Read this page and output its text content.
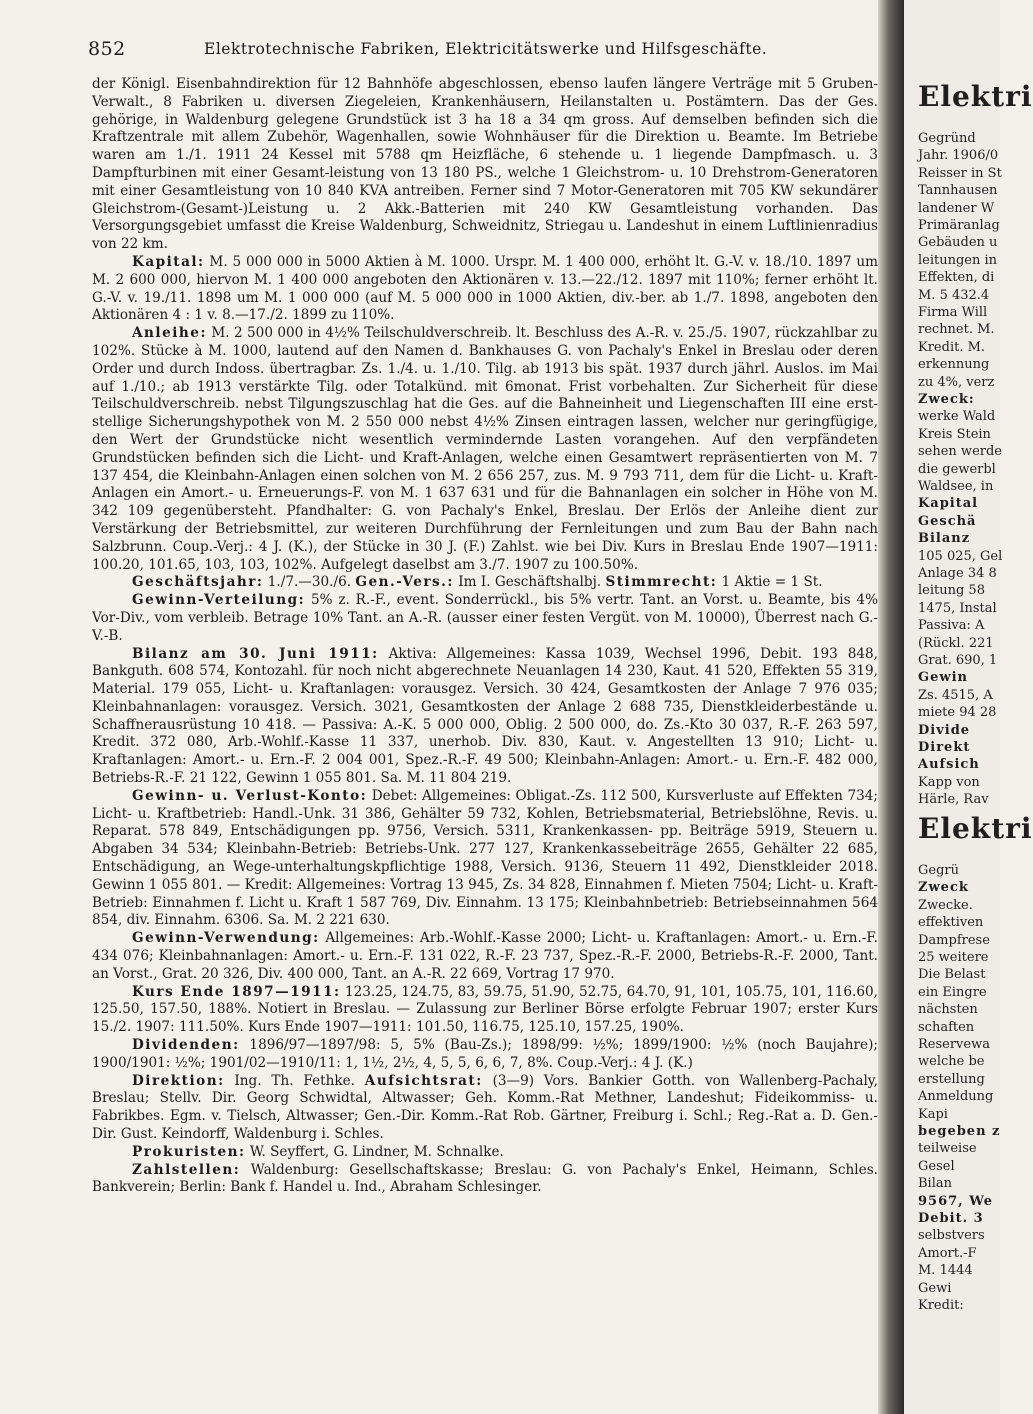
852	Elektrotechnische Fabriken, Elektricitätswerke und Hilfsgeschäfte.

der Königl. Eisenbahndirektion für 12 Bahnhöfe abgeschlossen, ebenso laufen längere Verträge mit 5 Gruben-Verwalt., 8 Fabriken u. diversen Ziegeleien, Krankenhäusern, Heilanstalten u. Postämtern. Das der Ges. gehörige, in Waldenburg gelegene Grundstück ist 3 ha 18 a 34 qm gross. Auf demselben befinden sich die Kraftzentrale mit allem Zubehör, Wagenhallen, sowie Wohnhäuser für die Direktion u. Beamte. Im Betriebe waren am 1./1. 1911 24 Kessel mit 5788 qm Heizfläche, 6 stehende u. 1 liegende Dampfmasch. u. 3 Dampfturbinen mit einer Gesamt-leistung von 13 180 PS., welche 1 Gleichstrom- u. 10 Drehstrom-Generatoren mit einer Gesamtleistung von 10 840 KVA antreiben. Ferner sind 7 Motor-Generatoren mit 705 KW sekundärer Gleichstrom-(Gesamt-)Leistung u. 2 Akk.-Batterien mit 240 KW Gesamtleistung vorhanden. Das Versorgungsgebiet umfasst die Kreise Waldenburg, Schweidnitz, Striegau u. Landeshut in einem Luftlinienradius von 22 km.

Kapital: M. 5 000 000 in 5000 Aktien à M. 1000. Urspr. M. 1 400 000, erhöht lt. G.-V. v. 18./10. 1897 um M. 2 600 000, hiervon M. 1 400 000 angeboten den Aktionären v. 13.—22./12. 1897 mit 110%; ferner erhöht lt. G.-V. v. 19./11. 1898 um M. 1 000 000 (auf M. 5 000 000 in 1000 Aktien, div.-ber. ab 1./7. 1898, angeboten den Aktionären 4 : 1 v. 8.—17./2. 1899 zu 110%.

Anleihe: M. 2 500 000 in 4½% Teilschuldverschreib. lt. Beschluss des A.-R. v. 25./5. 1907, rückzahlbar zu 102%. Stücke à M. 1000, lautend auf den Namen d. Bankhauses G. von Pachaly's Enkel in Breslau oder deren Order und durch Indoss. übertragbar. Zs. 1./4. u. 1./10. Tilg. ab 1913 bis spät. 1937 durch jährl. Auslos. im Mai auf 1./10.; ab 1913 verstärkte Tilg. oder Totalkünd. mit 6monat. Frist vorbehalten. Zur Sicherheit für diese Teilschuldverschreib. nebst Tilgungszuschlag hat die Ges. auf die Bahneinheit und Liegenschaften III eine erst-stellige Sicherungshypothek von M. 2 550 000 nebst 4½% Zinsen eintragen lassen, welcher nur geringfügige, den Wert der Grundstücke nicht wesentlich vermindernde Lasten vorangehen. Auf den verpfändeten Grundstücken befinden sich die Licht- und Kraft-Anlagen, welche einen Gesamtwert repräsentierten von M. 7 137 454, die Kleinbahn-Anlagen einen solchen von M. 2 656 257, zus. M. 9 793 711, dem für die Licht- u. Kraft-Anlagen ein Amort.- u. Erneuerungs-F. von M. 1 637 631 und für die Bahnanlagen ein solcher in Höhe von M. 342 109 gegenübersteht. Pfandhalter: G. von Pachaly's Enkel, Breslau. Der Erlös der Anleihe dient zur Verstärkung der Betriebsmittel, zur weiteren Durchführung der Fernleitungen und zum Bau der Bahn nach Salzbrunn. Coup.-Verj.: 4 J. (K.), der Stücke in 30 J. (F.) Zahlst. wie bei Div. Kurs in Breslau Ende 1907—1911: 100.20, 101.65, 103, 103, 102%. Aufgelegt daselbst am 3./7. 1907 zu 100.50%.

Geschäftsjahr: 1./7.—30./6. Gen.-Vers.: Im I. Geschäftshalbj. Stimmrecht: 1 Aktie = 1 St.

Gewinn-Verteilung: 5% z. R.-F., event. Sonderrückl., bis 5% vertr. Tant. an Vorst. u. Beamte, bis 4% Vor-Div., vom verbleib. Betrage 10% Tant. an A.-R. (ausser einer festen Vergüt. von M. 10000), Überrest nach G.-V.-B.

Bilanz am 30. Juni 1911: Aktiva: Allgemeines: Kassa 1039, Wechsel 1996, Debit. 193 848, Bankguth. 608 574, Kontozahl. für noch nicht abgerechnete Neuanlagen 14 230, Kaut. 41 520, Effekten 55 319, Material. 179 055, Licht- u. Kraftanlagen: vorausgez. Versich. 30 424, Gesamtkosten der Anlage 7 976 035; Kleinbahnanlagen: vorausgez. Versich. 3021, Gesamtkosten der Anlage 2 688 735, Dienstkleiderbestände u. Schaffnerausrüstung 10 418. — Passiva: A.-K. 5 000 000, Oblig. 2 500 000, do. Zs.-Kto 30 037, R.-F. 263 597, Kredit. 372 080, Arb.-Wohlf.-Kasse 11 337, unerhob. Div. 830, Kaut. v. Angestellten 13 910; Licht- u. Kraftanlagen: Amort.- u. Ern.-F. 2 004 001, Spez.-R.-F. 49 500; Kleinbahn-Anlagen: Amort.- u. Ern.-F. 482 000, Betriebs-R.-F. 21 122, Gewinn 1 055 801. Sa. M. 11 804 219.

Gewinn- u. Verlust-Konto: Debet: Allgemeines: Obligat.-Zs. 112 500, Kursverluste auf Effekten 734; Licht- u. Kraftbetrieb: Handl.-Unk. 31 386, Gehälter 59 732, Kohlen, Betriebsmaterial, Betriebslöhne, Revis. u. Reparat. 578 849, Entschädigungen pp. 9756, Versich. 5311, Krankenkassen- pp. Beiträge 5919, Steuern u. Abgaben 34 534; Kleinbahn-Betrieb: Betriebs-Unk. 277 127, Krankenkassebeiträge 2655, Gehälter 22 685, Entschädigung, an Wege-unterhaltungskpflichtige 1988, Versich. 9136, Steuern 11 492, Dienstkleider 2018. Gewinn 1 055 801. — Kredit: Allgemeines: Vortrag 13 945, Zs. 34 828, Einnahmen f. Mieten 7504; Licht- u. Kraft-Betrieb: Einnahmen f. Licht u. Kraft 1 587 769, Div. Einnahm. 13 175; Kleinbahnbetrieb: Betriebseinnahmen 564 854, div. Einnahm. 6306. Sa. M. 2 221 630.

Gewinn-Verwendung: Allgemeines: Arb.-Wohlf.-Kasse 2000; Licht- u. Kraftanlagen: Amort.- u. Ern.-F. 434 076; Kleinbahnanlagen: Amort.- u. Ern.-F. 131 022, R.-F. 23 737, Spez.-R.-F. 2000, Betriebs-R.-F. 2000, Tant. an Vorst., Grat. 20 326, Div. 400 000, Tant. an A.-R. 22 669, Vortrag 17 970.

Kurs Ende 1897—1911: 123.25, 124.75, 83, 59.75, 51.90, 52.75, 64.70, 91, 101, 105.75, 101, 116.60, 125.50, 157.50, 188%. Notiert in Breslau. — Zulassung zur Berliner Börse erfolgte Februar 1907; erster Kurs 15./2. 1907: 111.50%. Kurs Ende 1907—1911: 101.50, 116.75, 125.10, 157.25, 190%.

Dividenden: 1896/97—1897/98: 5, 5% (Bau-Zs.); 1898/99: ½%; 1899/1900: ½% (noch Baujahre); 1900/1901: ½%; 1901/02—1910/11: 1, 1½, 2½, 4, 5, 5, 6, 6, 7, 8%. Coup.-Verj.: 4 J. (K.)

Direktion: Ing. Th. Fethke. Aufsichtsrat: (3—9) Vors. Bankier Gotth. von Wallenberg-Pachaly, Breslau; Stellv. Dir. Georg Schwidtal, Altwasser; Geh. Komm.-Rat Methner, Landeshut; Fideikommiss- u. Fabrikbes. Egm. v. Tielsch, Altwasser; Gen.-Dir. Komm.-Rat Rob. Gärtner, Freiburg i. Schl.; Reg.-Rat a. D. Gen.-Dir. Gust. Keindorff, Waldenburg i. Schles.

Prokuristen: W. Seyffert, G. Lindner, M. Schnalke.

Zahlstellen: Waldenburg: Gesellschaftskasse; Breslau: G. von Pachaly's Enkel, Heimann, Schles. Bankverein; Berlin: Bank f. Handel u. Ind., Abraham Schlesinger.

Elektri
Gegründ
Jahr. 1906/0
Reisser in St
Tannhausen
landener W
Primäranlag
Gebäuden u
leitungen in
Effekten, di
M. 5 432.4
Firma Will
rechnet. M.
Kredit. M.
erkennung
zu 4%, verz
Zweck:
werke Wald
Kreis Stein
sehen werde
die gewerbl
Waldsee, in
Kapital
Geschä
Bilanz
105 025, Gel
Anlage 34 8
leitung 58
1475, Instal
Passiva: A
(Rückl. 221
Grat. 690, 1
Gewin
Zs. 4515, A
miete 94 28
Divide
Direkt
Aufsich
Kapp von
Härle, Rav
Elektri
Gegrü
Zweck
Zwecke.
effektiven
Dampfrese
25 weitere
Die Belast
ein Eingre
nächsten
schaften
Reservewa
welche be
erstellung
Anmeldung
Kapi
begeben z
teilweise
Gesel
Bilan
9567, We
Debit. 3
selbstvers
Amort.-F
M. 1444
Gewi
Kredit:
